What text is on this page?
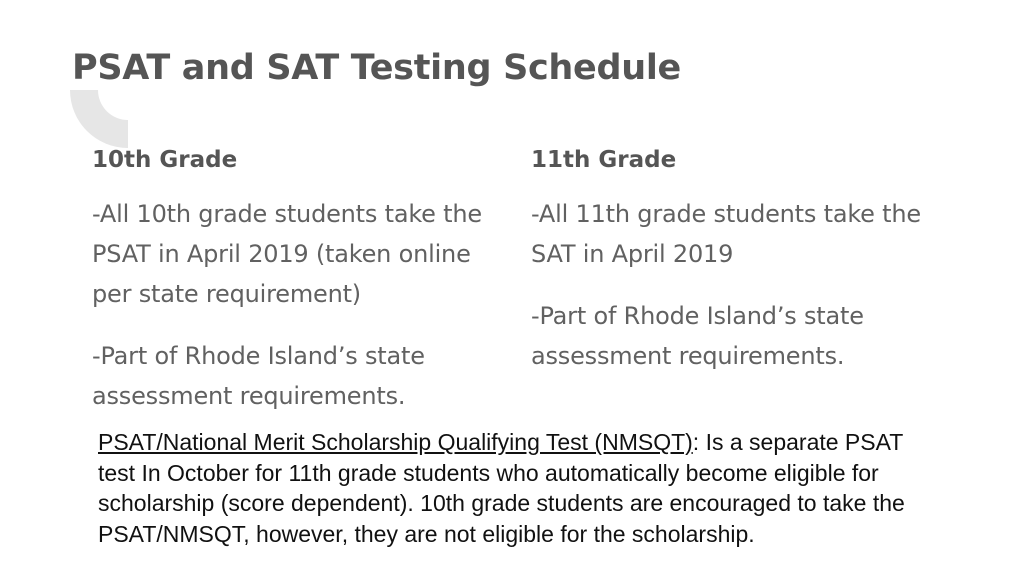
PSAT and SAT Testing Schedule
10th Grade

-All 10th grade students take the PSAT in April 2019 (taken online per state requirement)

-Part of Rhode Island’s state assessment requirements.

11th Grade

-All 11th grade students take the SAT in April 2019

-Part of Rhode Island’s state assessment requirements.

PSAT/National Merit Scholarship Qualifying Test (NMSQT): Is a separate PSAT test In October for 11th grade students who automatically become eligible for scholarship (score dependent). 10th grade students are encouraged to take the PSAT/NMSQT, however, they are not eligible for the scholarship.
